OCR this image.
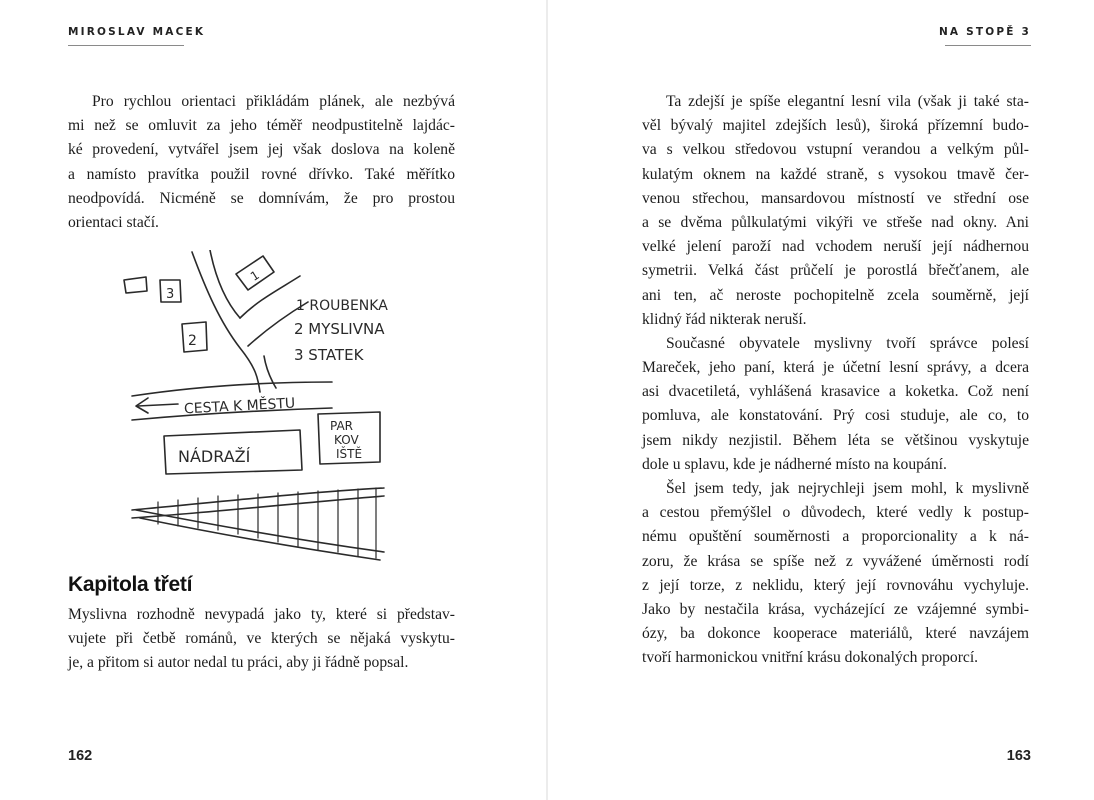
MIROSLAV MACEK
Pro rychlou orientaci přikládám plánek, ale nezbývá
mi než se omluvit za jeho téměř neodpustitelně lajdác-
ké provedení, vytvářel jsem jej však doslova na koleně
a namísto pravítka použil rovné dřívko. Také měřítko
neodpovídá. Nicméně se domnívám, že pro prostou
orientaci stačí.
3
2
1
1 ROUBENKA
2 MYSLIVNA
3 STATEK
CESTA K MĚSTU
NÁDRAŽÍ
PAR
KOV
IŠTĚ
Kapitola třetí
Myslivna rozhodně nevypadá jako ty, které si představ-
vujete při četbě románů, ve kterých se nějaká vyskytu-
je, a přitom si autor nedal tu práci, aby ji řádně popsal.
162
NA STOPĚ 3
Ta zdejší je spíše elegantní lesní vila (však ji také sta-
věl bývalý majitel zdejších lesů), široká přízemní budo-
va s velkou středovou vstupní verandou a velkým půl-
kulatým oknem na každé straně, s vysokou tmavě čer-
venou střechou, mansardovou místností ve střední ose
a se dvěma půlkulatými vikýři ve střeše nad okny. Ani
velké jelení paroží nad vchodem neruší její nádhernou
symetrii. Velká část průčelí je porostlá břečťanem, ale
ani ten, ač neroste pochopitelně zcela souměrně, její
klidný řád nikterak neruší.
Současné obyvatele myslivny tvoří správce polesí
Mareček, jeho paní, která je účetní lesní správy, a dcera
asi dvacetiletá, vyhlášená krasavice a koketka. Což není
pomluva, ale konstatování. Prý cosi studuje, ale co, to
jsem nikdy nezjistil. Během léta se většinou vyskytuje
dole u splavu, kde je nádherné místo na koupání.
Šel jsem tedy, jak nejrychleji jsem mohl, k myslivně
a cestou přemýšlel o důvodech, které vedly k postup-
nému opuštění souměrnosti a proporcionality a k ná-
zoru, že krása se spíše než z vyvážené úměrnosti rodí
z její torze, z neklidu, který její rovnováhu vychyluje.
Jako by nestačila krása, vycházející ze vzájemné symbi-
ózy, ba dokonce kooperace materiálů, které navzájem
tvoří harmonickou vnitřní krásu dokonalých proporcí.
163
